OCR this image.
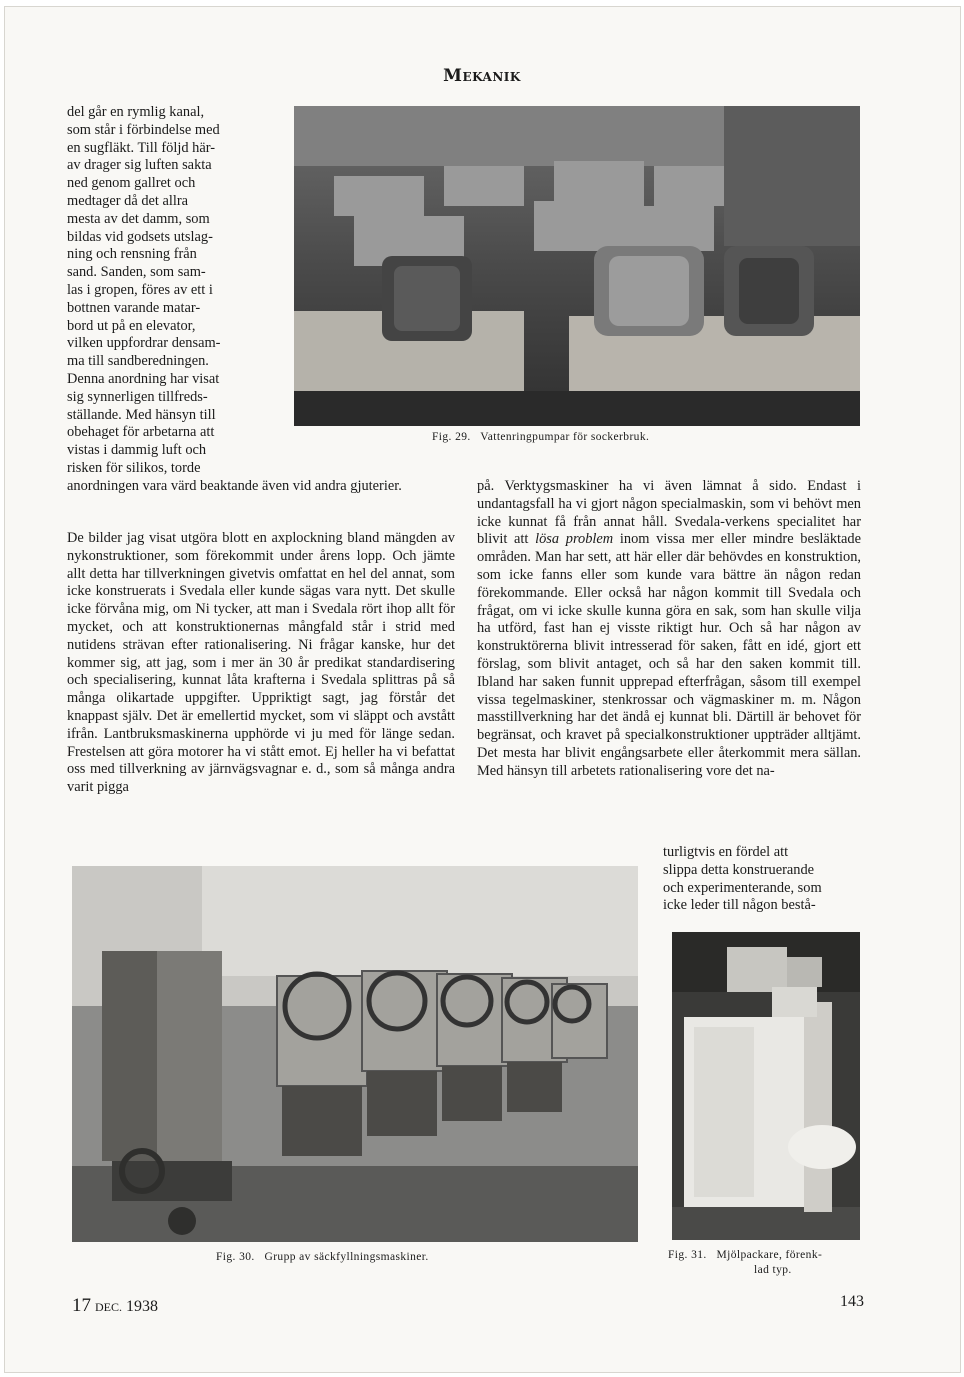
Mekanik
del går en rymlig kanal,
som står i förbindelse med
en sugfläkt. Till följd här-
av drager sig luften sakta
ned genom gallret och
medtager då det allra
mesta av det damm, som
bildas vid godsets utslag-
ning och rensning från
sand. Sanden, som sam-
las i gropen, föres av ett i
bottnen varande matar-
bord ut på en elevator,
vilken uppfordrar densam-
ma till sandberedningen.
Denna anordning har visat
sig synnerligen tillfreds-
ställande. Med hänsyn till
obehaget för arbetarna att
vistas i dammig luft och
risken för silikos, torde
anordningen vara värd beaktande även vid andra gjuterier.
De bilder jag visat utgöra blott en axplockning bland mängden av nykonstruktioner, som förekommit under årens lopp. Och jämte allt detta har tillverkningen givetvis omfattat en hel del annat, som icke konstruerats i Svedala eller kunde sägas vara nytt. Det skulle icke förvåna mig, om Ni tycker, att man i Svedala rört ihop allt för mycket, och att konstruktionernas mångfald står i strid med nutidens strävan efter rationalisering. Ni frågar kanske, hur det kommer sig, att jag, som i mer än 30 år predikat standardisering och specialisering, kunnat låta krafterna i Svedala splittras på så många olikartade uppgifter. Uppriktigt sagt, jag förstår det knappast själv. Det är emellertid mycket, som vi släppt och avstått ifrån. Lantbruksmaskinerna upphörde vi ju med för länge sedan. Frestelsen att göra motorer ha vi stått emot. Ej heller ha vi befattat oss med tillverkning av järnvägsvagnar e. d., som så många andra varit pigga
på. Verktygsmaskiner ha vi även lämnat å sido. Endast i undantagsfall ha vi gjort någon specialmaskin, som vi behövt men icke kunnat få från annat håll. Svedala-verkens specialitet har blivit att lösa problem inom vissa mer eller mindre besläktade områden. Man har sett, att här eller där behövdes en konstruktion, som icke fanns eller som kunde vara bättre än någon redan förekommande. Eller också har någon kommit till Svedala och frågat, om vi icke skulle kunna göra en sak, som han skulle vilja ha utförd, fast han ej visste riktigt hur. Och så har någon av konstruktörerna blivit intresserad för saken, fått en idé, gjort ett förslag, som blivit antaget, och så har den saken kommit till. Ibland har saken funnit upprepad efterfrågan, såsom till exempel vissa tegelmaskiner, stenkrossar och vägmaskiner m. m. Någon masstillverkning har det ändå ej kunnat bli. Därtill är behovet för begränsat, och kravet på specialkonstruktioner uppträder alltjämt. Det mesta har blivit engångsarbete eller återkommit mera sällan. Med hänsyn till arbetets rationalisering vore det na-
turligtvis en fördel att
slippa detta konstruerande
och experimenterande, som
icke leder till någon bestå-
Fig. 29.   Vattenringpumpar för sockerbruk.
Fig. 30.   Grupp av säckfyllningsmaskiner.	Fig. 31.   Mjölpackare, förenk-
lad typ.
17 DEC. 1938	143
